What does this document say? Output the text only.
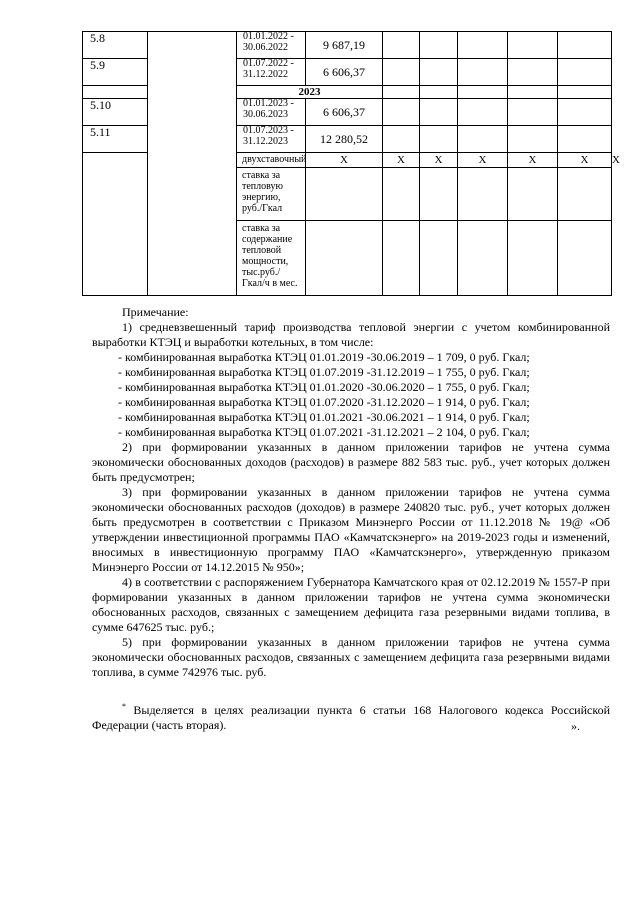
5.8		01.01.2022 -
30.06.2022	9 687,19						
5.9		01.07.2022 -
31.12.2022	6 606,37						
		2023							
5.10		01.01.2023 -
30.06.2023	6 606,37						
5.11		01.07.2023 -
31.12.2023	12 280,52						
		двухставочный	X	X	X	X	X	X	X
		ставка за тепловую энергию, руб./Гкал							
		ставка за содержание тепловой мощности, тыс.руб./Гкал/ч в мес.							

Примечание:

1) средневзвешенный тариф производства тепловой энергии с учетом комбинированной выработки КТЭЦ и выработки котельных, в том числе:

- комбинированная выработка КТЭЦ 01.01.2019 -30.06.2019 – 1 709, 0 руб. Гкал;

- комбинированная выработка КТЭЦ 01.07.2019 -31.12.2019 – 1 755, 0 руб. Гкал;

- комбинированная выработка КТЭЦ 01.01.2020 -30.06.2020 – 1 755, 0 руб. Гкал;

- комбинированная выработка КТЭЦ 01.07.2020 -31.12.2020 – 1 914, 0 руб. Гкал;

- комбинированная выработка КТЭЦ 01.01.2021 -30.06.2021 – 1 914, 0 руб. Гкал;

- комбинированная выработка КТЭЦ 01.07.2021 -31.12.2021 – 2 104, 0 руб. Гкал;

2) при формировании указанных в данном приложении тарифов не учтена сумма экономически обоснованных доходов (расходов) в размере 882 583 тыс. руб., учет которых должен быть предусмотрен;

3) при формировании указанных в данном приложении тарифов не учтена сумма экономически обоснованных расходов (доходов) в размере 240820 тыс. руб., учет которых должен быть предусмотрен в соответствии с Приказом Минэнерго России от 11.12.2018 № 19@ «Об утверждении инвестиционной программы ПАО «Камчатскэнерго» на 2019-2023 годы и изменений, вносимых в инвестиционную программу ПАО «Камчатскэнерго», утвержденную приказом Минэнерго России от 14.12.2015 № 950»;

4) в соответствии с распоряжением Губернатора Камчатского края от 02.12.2019 № 1557-Р при формировании указанных в данном приложении тарифов не учтена сумма экономически обоснованных расходов, связанных с замещением дефицита газа резервными видами топлива, в сумме 647625 тыс. руб.;

5) при формировании указанных в данном приложении тарифов не учтена сумма экономически обоснованных расходов, связанных с замещением дефицита газа резервными видами топлива, в сумме 742976 тыс. руб.

* Выделяется в целях реализации пункта 6 статьи 168 Налогового кодекса Российской Федерации (часть вторая).	».
